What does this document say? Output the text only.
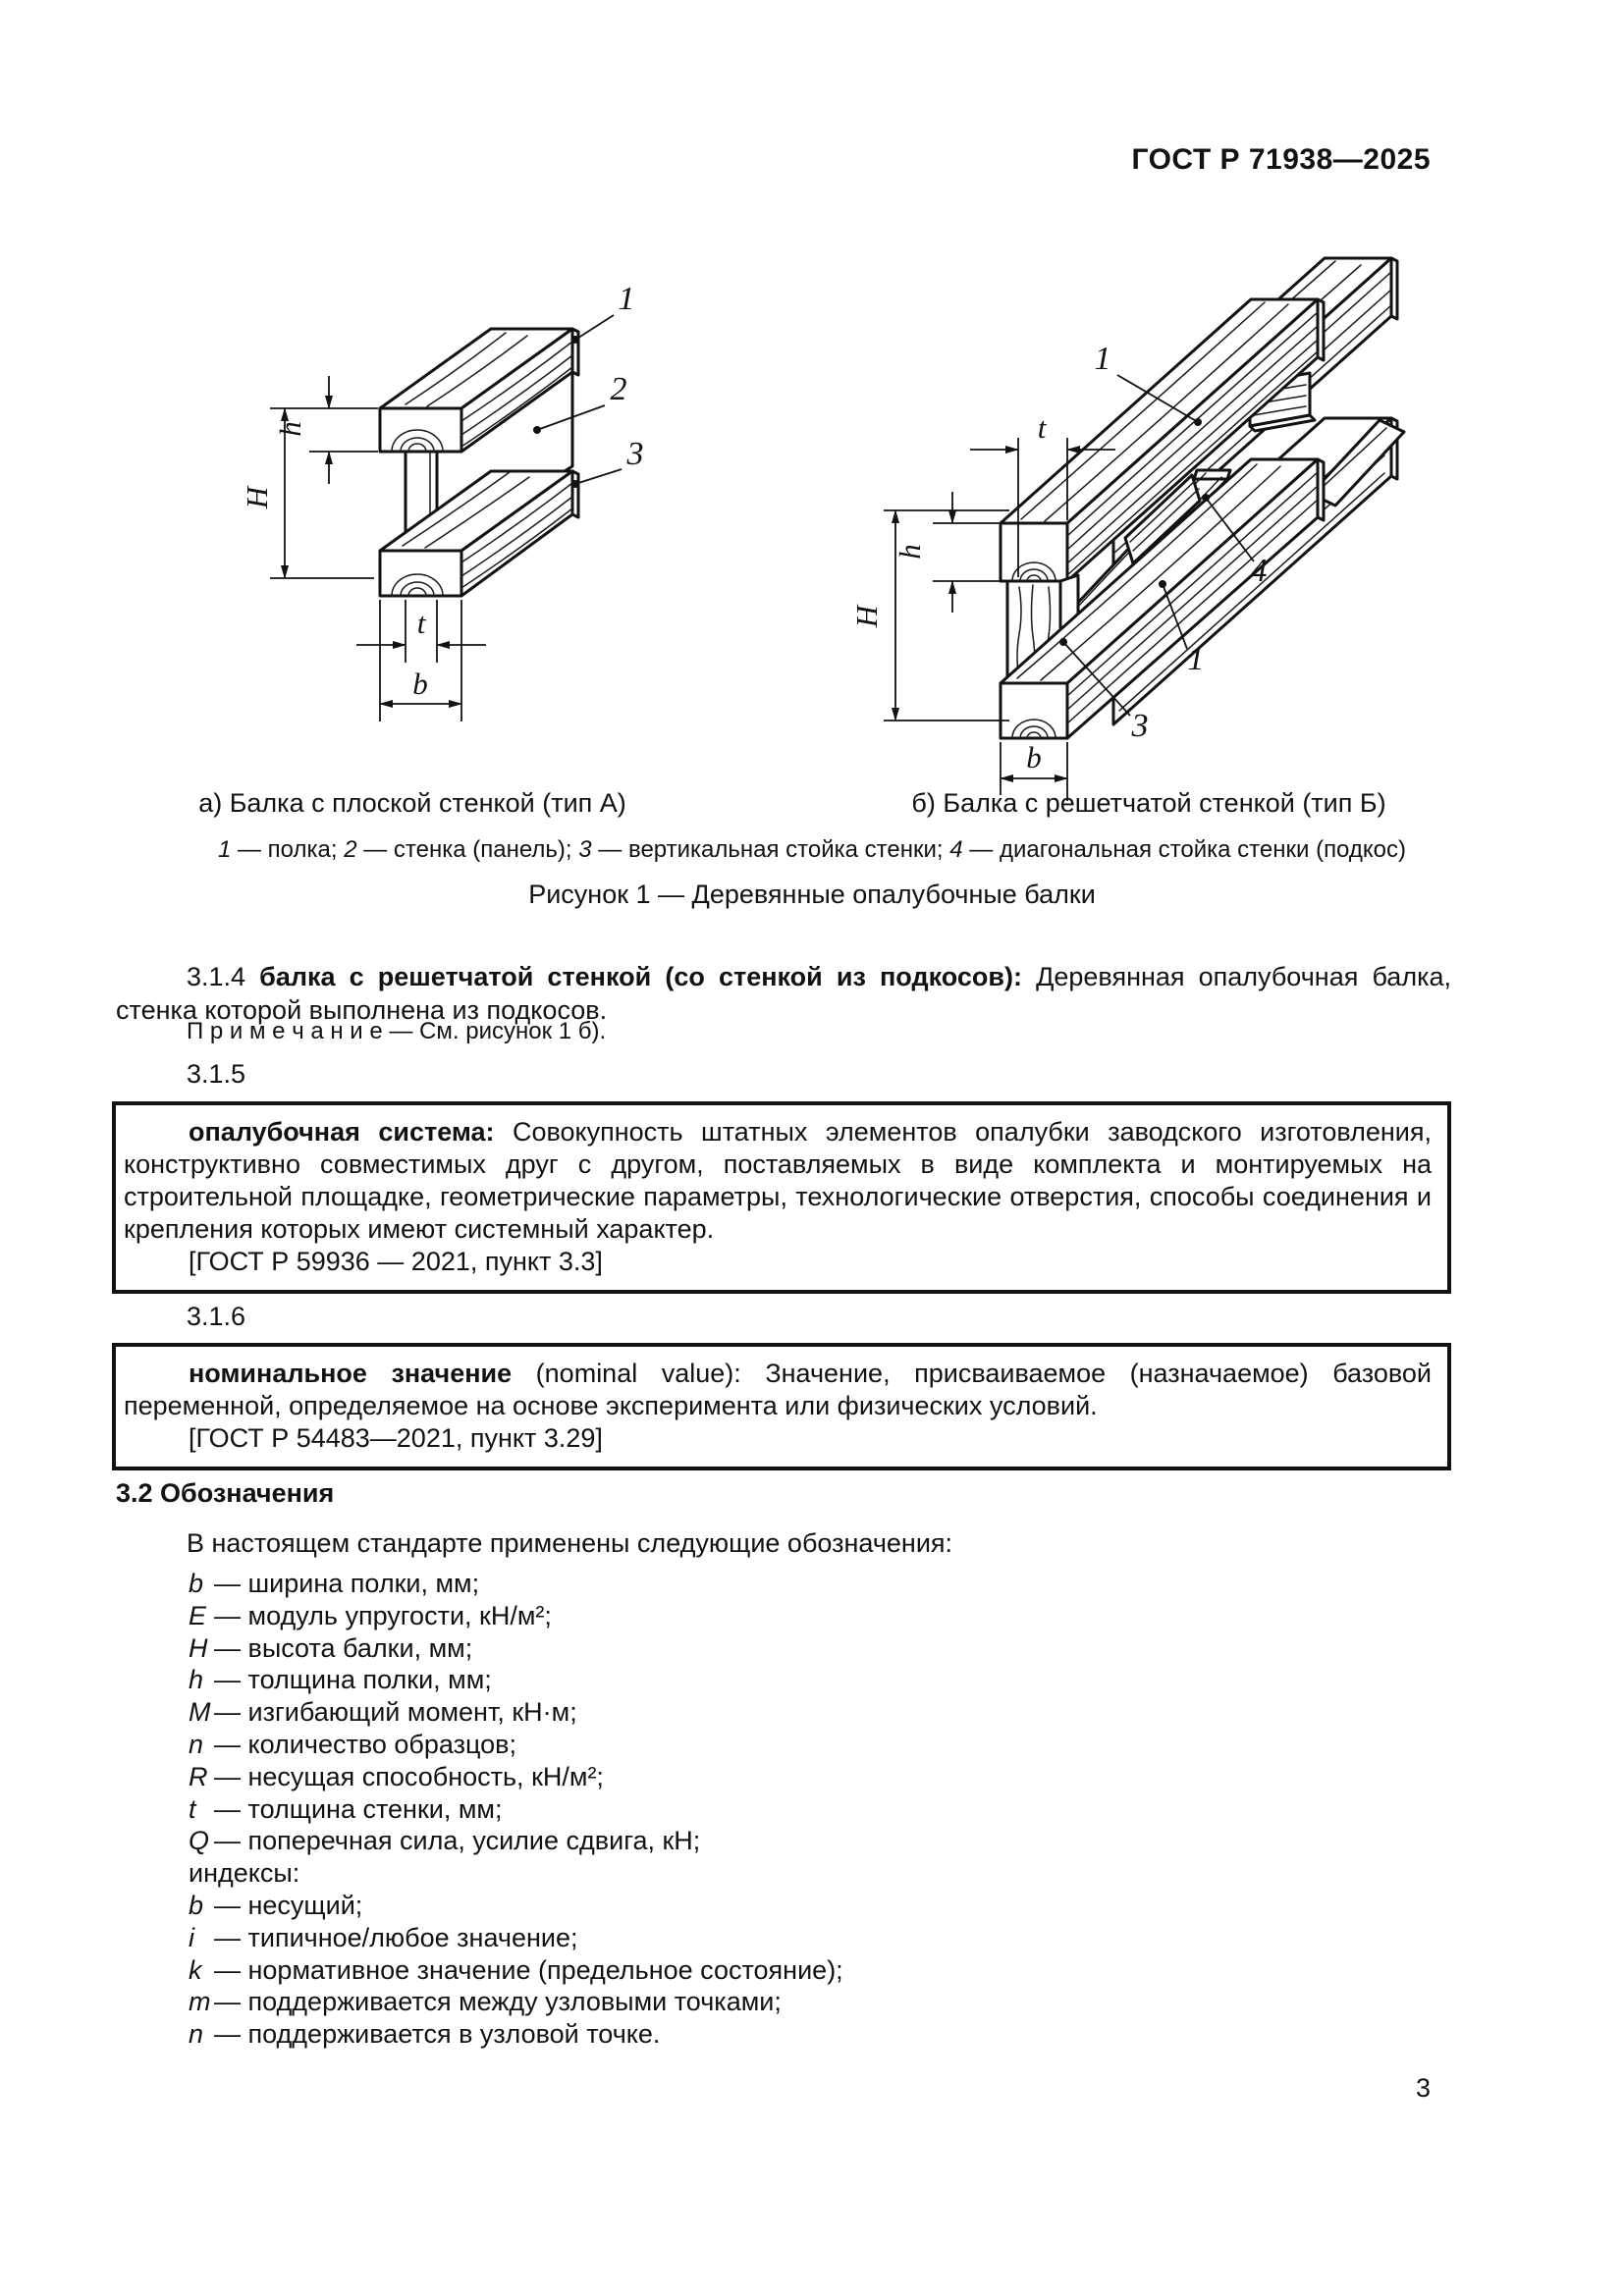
ГОСТ Р 71938—2025
h
H
t
b
1
2
3
t
h
H
b
1
4
1
3
а) Балка с плоской стенкой (тип А)	б) Балка с решетчатой стенкой (тип Б)
1 — полка; 2 — стенка (панель); 3 — вертикальная стойка стенки; 4 — диагональная стойка стенки (подкос)
Рисунок 1 — Деревянные опалубочные балки

3.1.4 балка с решетчатой стенкой (со стенкой из подкосов): Деревянная опалубочная балка, стенка которой выполнена из подкосов.

П р и м е ч а н и е — См. рисунок 1 б).
3.1.5

опалубочная система: Совокупность штатных элементов опалубки заводского изготовления, конструктивно совместимых друг с другом, поставляемых в виде комплекта и монтируемых на строительной площадке, геометрические параметры, технологические отверстия, способы соединения и крепления которых имеют системный характер.

[ГОСТ Р 59936 — 2021, пункт 3.3]

3.1.6

номинальное значение (nominal value): Значение, присваиваемое (назначаемое) базовой переменной, определяемое на основе эксперимента или физических условий.

[ГОСТ Р 54483—2021, пункт 3.29]

3.2 Обозначения
В настоящем стандарте применены следующие обозначения:
b — ширина полки, мм;
E — модуль упругости, кН/м²;
H — высота балки, мм;
h — толщина полки, мм;
M — изгибающий момент, кН·м;
n — количество образцов;
R — несущая способность, кН/м²;
t — толщина стенки, мм;
Q — поперечная сила, усилие сдвига, кН;
индексы:
b — несущий;
i — типичное/любое значение;
k — нормативное значение (предельное состояние);
m — поддерживается между узловыми точками;
n — поддерживается в узловой точке.
3
